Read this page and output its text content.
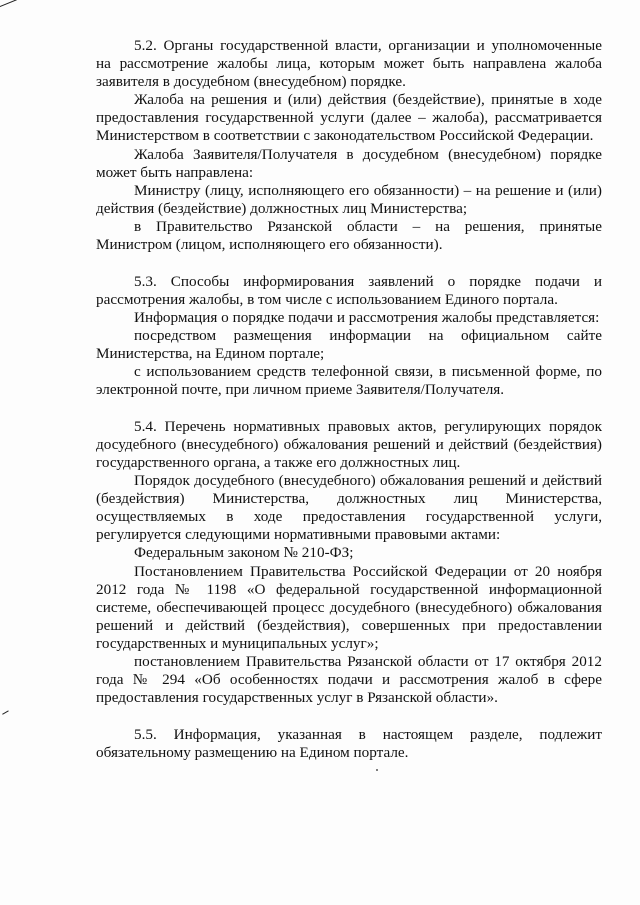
5.2. Органы государственной власти, организации и уполномоченные на рассмотрение жалобы лица, которым может быть направлена жалоба заявителя в досудебном (внесудебном) порядке.

Жалоба на решения и (или) действия (бездействие), принятые в ходе предоставления государственной услуги (далее – жалоба), рассматривается Министерством в соответствии с законодательством Российской Федерации.

Жалоба Заявителя/Получателя в досудебном (внесудебном) порядке может быть направлена:

Министру (лицу, исполняющего его обязанности) – на решение и (или) действия (бездействие) должностных лиц Министерства;

в Правительство Рязанской области – на решения, принятые Министром (лицом, исполняющего его обязанности).

5.3. Способы информирования заявлений о порядке подачи и рассмотрения жалобы, в том числе с использованием Единого портала.

Информация о порядке подачи и рассмотрения жалобы представляется:

посредством размещения информации на официальном сайте Министерства, на Едином портале;

с использованием средств телефонной связи, в письменной форме, по электронной почте, при личном приеме Заявителя/Получателя.

5.4. Перечень нормативных правовых актов, регулирующих порядок досудебного (внесудебного) обжалования решений и действий (бездействия) государственного органа, а также его должностных лиц.

Порядок досудебного (внесудебного) обжалования решений и действий (бездействия) Министерства, должностных лиц Министерства, осуществляемых в ходе предоставления государственной услуги, регулируется следующими нормативными правовыми актами:

Федеральным законом № 210-ФЗ;

Постановлением Правительства Российской Федерации от 20 ноября 2012 года № 1198 «О федеральной государственной информационной системе, обеспечивающей процесс досудебного (внесудебного) обжалования решений и действий (бездействия), совершенных при предоставлении государственных и муниципальных услуг»;

постановлением Правительства Рязанской области от 17 октября 2012 года № 294 «Об особенностях подачи и рассмотрения жалоб в сфере предоставления государственных услуг в Рязанской области».

5.5. Информация, указанная в настоящем разделе, подлежит обязательному размещению на Едином портале.
